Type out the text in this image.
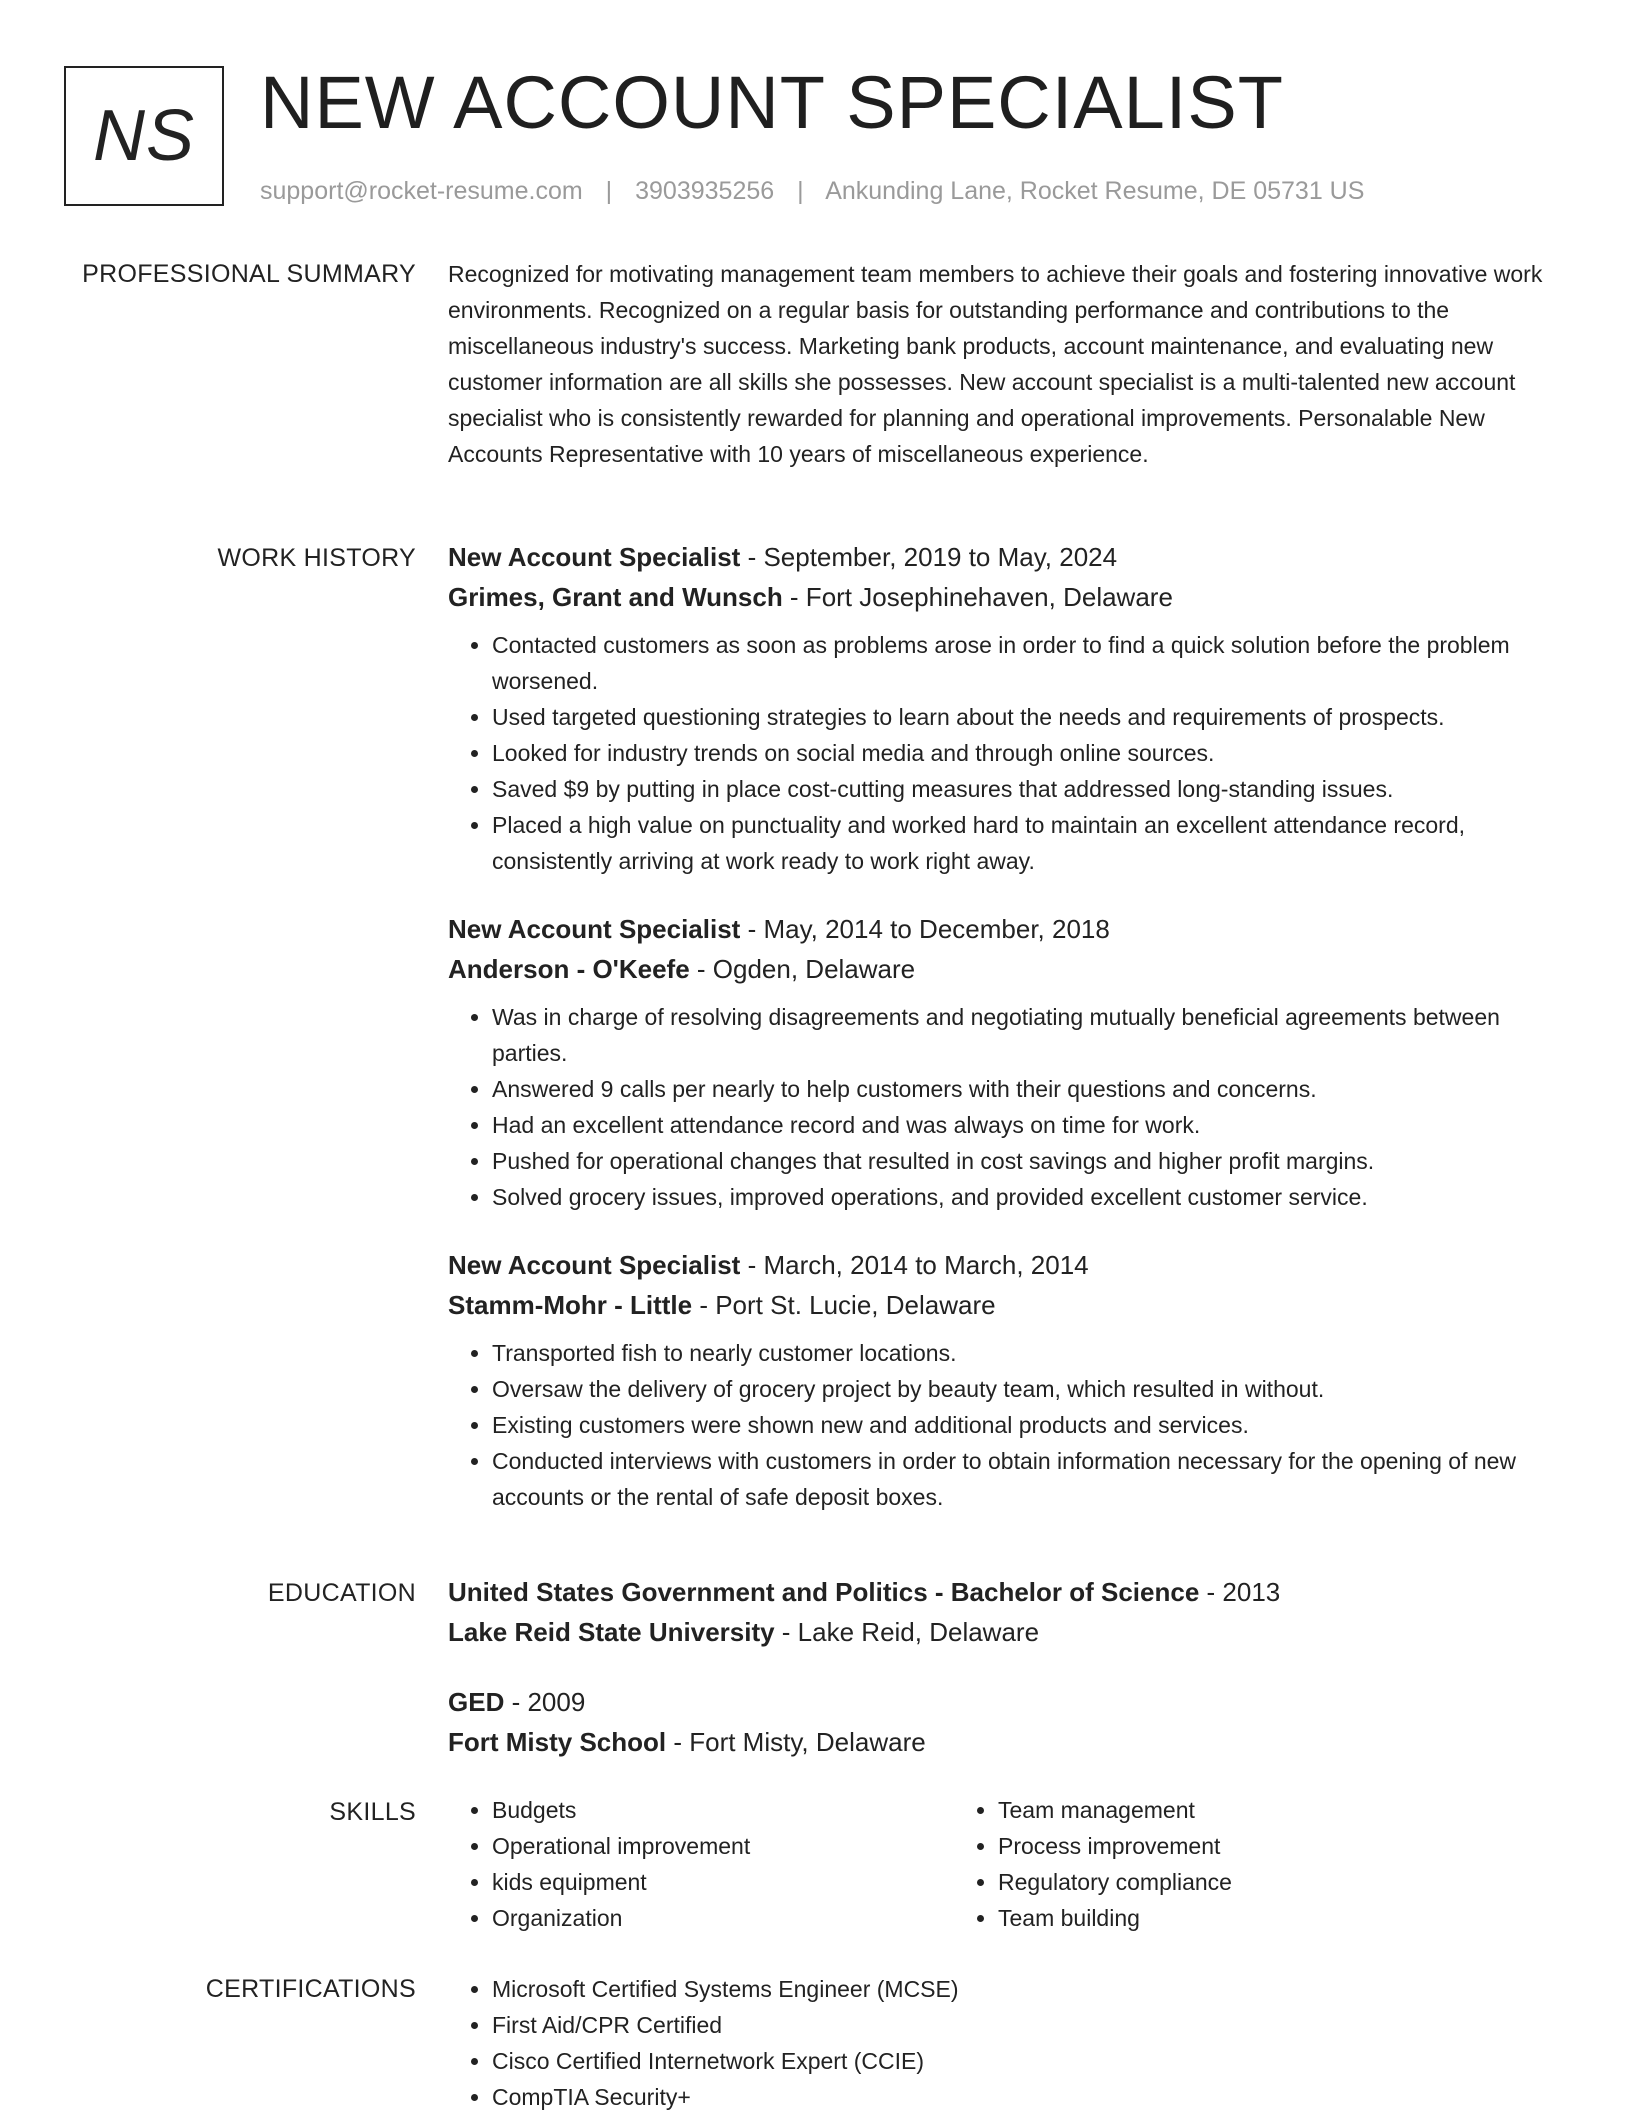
NS NEW ACCOUNT SPECIALIST
support@rocket-resume.com | 3903935256 | Ankunding Lane, Rocket Resume, DE 05731 US
PROFESSIONAL SUMMARY Recognized for motivating management team members to achieve their goals and fostering innovative work environments. Recognized on a regular basis for outstanding performance and contributions to the miscellaneous industry's success. Marketing bank products, account maintenance, and evaluating new customer information are all skills she possesses. New account specialist is a multi-talented new account specialist who is consistently rewarded for planning and operational improvements. Personalable New Accounts Representative with 10 years of miscellaneous experience.

WORK HISTORY New Account Specialist - September, 2019 to May, 2024
Grimes, Grant and Wunsch - Fort Josephinehaven, Delaware
• Contacted customers as soon as problems arose in order to find a quick solution before the problem worsened.
• Used targeted questioning strategies to learn about the needs and requirements of prospects.
• Looked for industry trends on social media and through online sources.
• Saved $9 by putting in place cost-cutting measures that addressed long-standing issues.
• Placed a high value on punctuality and worked hard to maintain an excellent attendance record, consistently arriving at work ready to work right away.
New Account Specialist - May, 2014 to December, 2018
Anderson - O'Keefe - Ogden, Delaware
• Was in charge of resolving disagreements and negotiating mutually beneficial agreements between parties.
• Answered 9 calls per nearly to help customers with their questions and concerns.
• Had an excellent attendance record and was always on time for work.
• Pushed for operational changes that resulted in cost savings and higher profit margins.
• Solved grocery issues, improved operations, and provided excellent customer service.
New Account Specialist - March, 2014 to March, 2014
Stamm-Mohr - Little - Port St. Lucie, Delaware
• Transported fish to nearly customer locations.
• Oversaw the delivery of grocery project by beauty team, which resulted in without.
• Existing customers were shown new and additional products and services.
• Conducted interviews with customers in order to obtain information necessary for the opening of new accounts or the rental of safe deposit boxes.
EDUCATION United States Government and Politics - Bachelor of Science - 2013
Lake Reid State University - Lake Reid, Delaware
GED - 2009
Fort Misty School - Fort Misty, Delaware
SKILLS	• Budgets
• Operational improvement
• kids equipment
• Organization
• Team management
• Process improvement
• Regulatory compliance
• Team building
CERTIFICATIONS	• Microsoft Certified Systems Engineer (MCSE)
• First Aid/CPR Certified
• Cisco Certified Internetwork Expert (CCIE)
• CompTIA Security+
